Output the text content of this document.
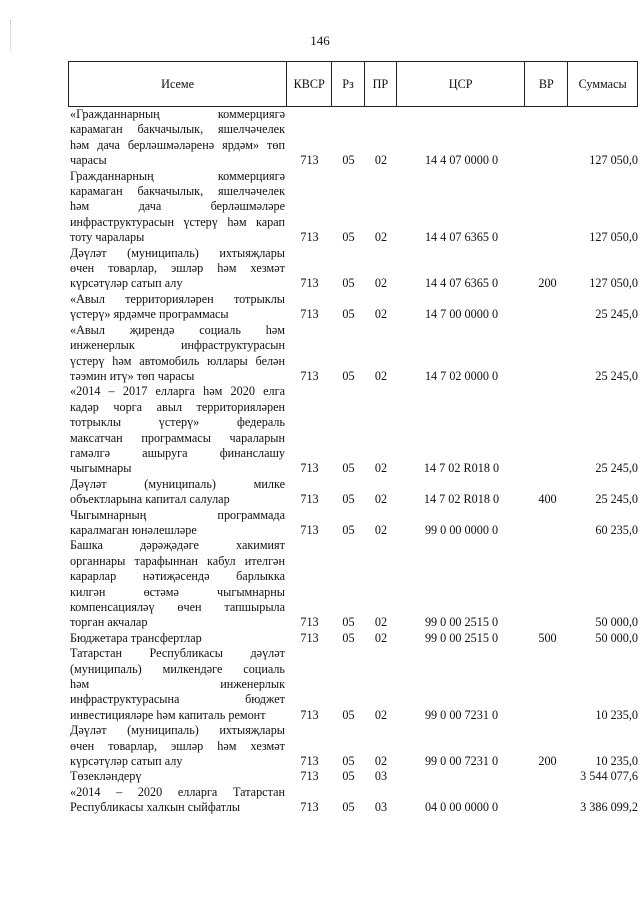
146
Исеме	КВСР	Рз	ПР	ЦСР	ВР	Суммасы
«Гражданнарның коммерциягә
карамаган бакчачылык, яшелчәчелек
һәм дача берләшмәләренә ярдәм» төп
чарасы	713	05	02	14 4 07 0000 0	127 050,0
Гражданнарның коммерциягә
карамаган бакчачылык, яшелчәчелек
һәм дача берләшмәләре
инфраструктурасын үстерү һәм карап
тоту чаралары	713	05	02	14 4 07 6365 0	127 050,0
Дәүләт (муниципаль) ихтыяҗлары
өчен товарлар, эшләр һәм хезмәт
күрсәтүләр сатып алу	713	05	02	14 4 07 6365 0	200	127 050,0
«Авыл территорияләрен тотрыклы
үстерү» ярдәмче программасы	713	05	02	14 7 00 0000 0	25 245,0
«Авыл җирендә социаль һәм
инженерлык инфраструктурасын
үстерү һәм автомобиль юллары белән
тәэмин итү» төп чарасы	713	05	02	14 7 02 0000 0	25 245,0
«2014 – 2017 елларга һәм 2020 елга
кадәр чорга авыл территорияләрен
тотрыклы үстерү» федераль
максатчан программасы чараларын
гамәлгә ашыруга финанслашу
чыгымнары	713	05	02	14 7 02 R018 0	25 245,0
Дәүләт (муниципаль) милке
объектларына капитал салулар	713	05	02	14 7 02 R018 0	400	25 245,0
Чыгымнарның программада
каралмаган юнәлешләре	713	05	02	99 0 00 0000 0	60 235,0
Башка дәрәҗәдәге хакимият
органнары тарафыннан кабул ителгән
карарлар нәтиҗәсендә барлыкка
килгән өстәмә чыгымнарны
компенсацияләү өчен тапшырыла
торган акчалар	713	05	02	99 0 00 2515 0	50 000,0
Бюджетара трансфертлар	713	05	02	99 0 00 2515 0	500	50 000,0
Татарстан Республикасы дәүләт
(муниципаль) милкендәге социаль
һәм инженерлык
инфраструктурасына бюджет
инвестицияләре һәм капиталь ремонт	713	05	02	99 0 00 7231 0	10 235,0
Дәүләт (муниципаль) ихтыяҗлары
өчен товарлар, эшләр һәм хезмәт
күрсәтүләр сатып алу	713	05	02	99 0 00 7231 0	200	10 235,0
Төзекләндерү	713	05	03	3 544 077,6
«2014 – 2020 елларга Татарстан
Республикасы халкын сыйфатлы	713	05	03	04 0 00 0000 0	3 386 099,2
